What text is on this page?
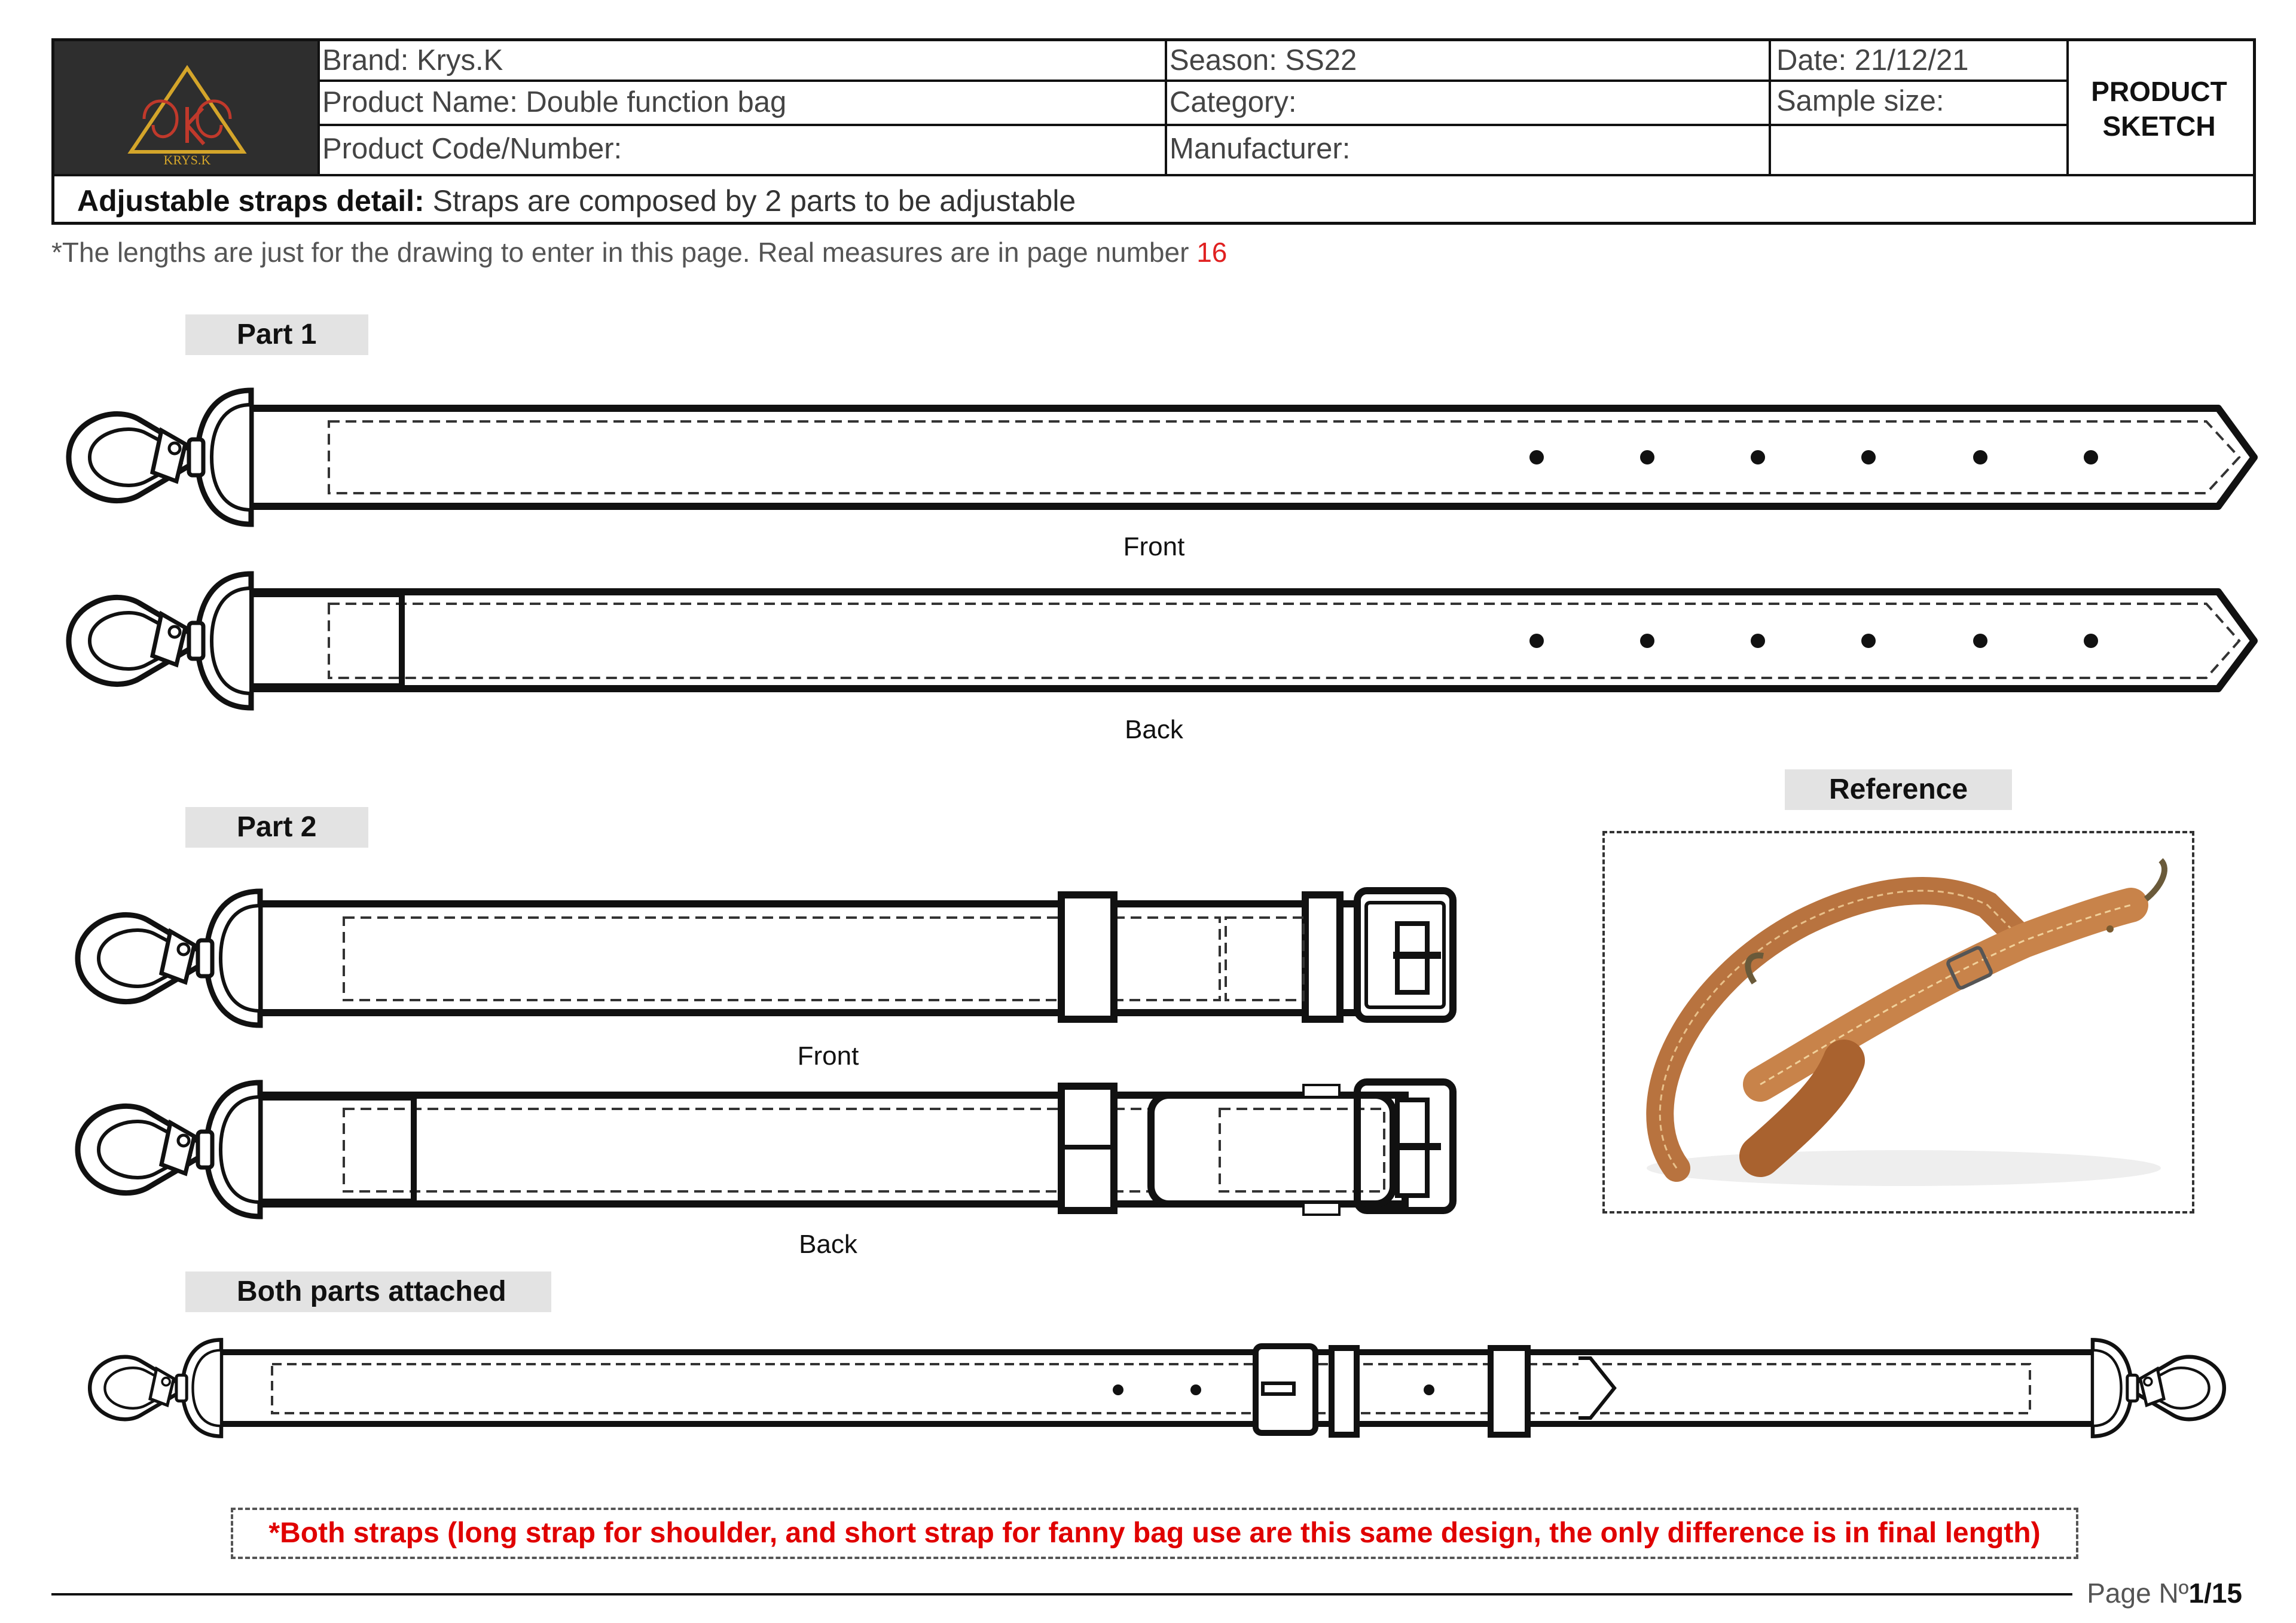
KRYS.K
Brand: Krys.K
Product Name: Double function bag
Product Code/Number:
Season: SS22
Category:
Manufacturer:
Date: 21/12/21
Sample size:	PRODUCT
SKETCH
Adjustable straps detail: Straps are composed by 2 parts to be adjustable
*The lengths are just for the drawing to enter in this page. Real measures are in page number 16
Part 1
Part 2
Both parts attached
Reference
Front
Back
Front
Back
*Both straps (long strap for shoulder, and short strap for fanny bag use are this same design, the only difference is in final length)
Page Nº1/15
